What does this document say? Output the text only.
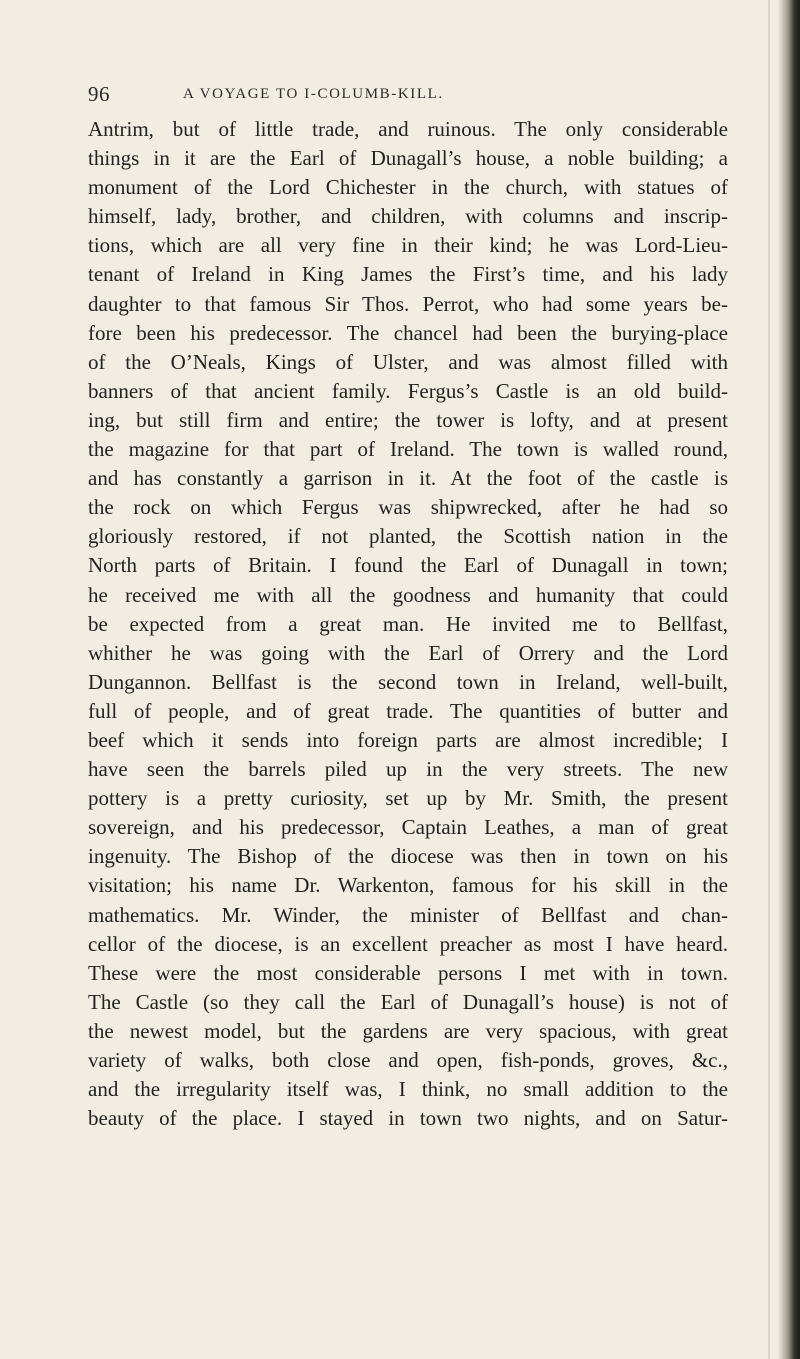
96	A VOYAGE TO I-COLUMB-KILL.
Antrim, but of little trade, and ruinous. The only considerable
things in it are the Earl of Dunagall’s house, a noble building; a
monument of the Lord Chichester in the church, with statues of
himself, lady, brother, and children, with columns and inscrip-
tions, which are all very fine in their kind; he was Lord-Lieu-
tenant of Ireland in King James the First’s time, and his lady
daughter to that famous Sir Thos. Perrot, who had some years be-
fore been his predecessor. The chancel had been the burying-place
of the O’Neals, Kings of Ulster, and was almost filled with
banners of that ancient family. Fergus’s Castle is an old build-
ing, but still firm and entire; the tower is lofty, and at present
the magazine for that part of Ireland. The town is walled round,
and has constantly a garrison in it. At the foot of the castle is
the rock on which Fergus was shipwrecked, after he had so
gloriously restored, if not planted, the Scottish nation in the
North parts of Britain. I found the Earl of Dunagall in town;
he received me with all the goodness and humanity that could
be expected from a great man. He invited me to Bellfast,
whither he was going with the Earl of Orrery and the Lord
Dungannon. Bellfast is the second town in Ireland, well-built,
full of people, and of great trade. The quantities of butter and
beef which it sends into foreign parts are almost incredible; I
have seen the barrels piled up in the very streets. The new
pottery is a pretty curiosity, set up by Mr. Smith, the present
sovereign, and his predecessor, Captain Leathes, a man of great
ingenuity. The Bishop of the diocese was then in town on his
visitation; his name Dr. Warkenton, famous for his skill in the
mathematics. Mr. Winder, the minister of Bellfast and chan-
cellor of the diocese, is an excellent preacher as most I have heard.
These were the most considerable persons I met with in town.
The Castle (so they call the Earl of Dunagall’s house) is not of
the newest model, but the gardens are very spacious, with great
variety of walks, both close and open, fish-ponds, groves, &c.,
and the irregularity itself was, I think, no small addition to the
beauty of the place. I stayed in town two nights, and on Satur-
